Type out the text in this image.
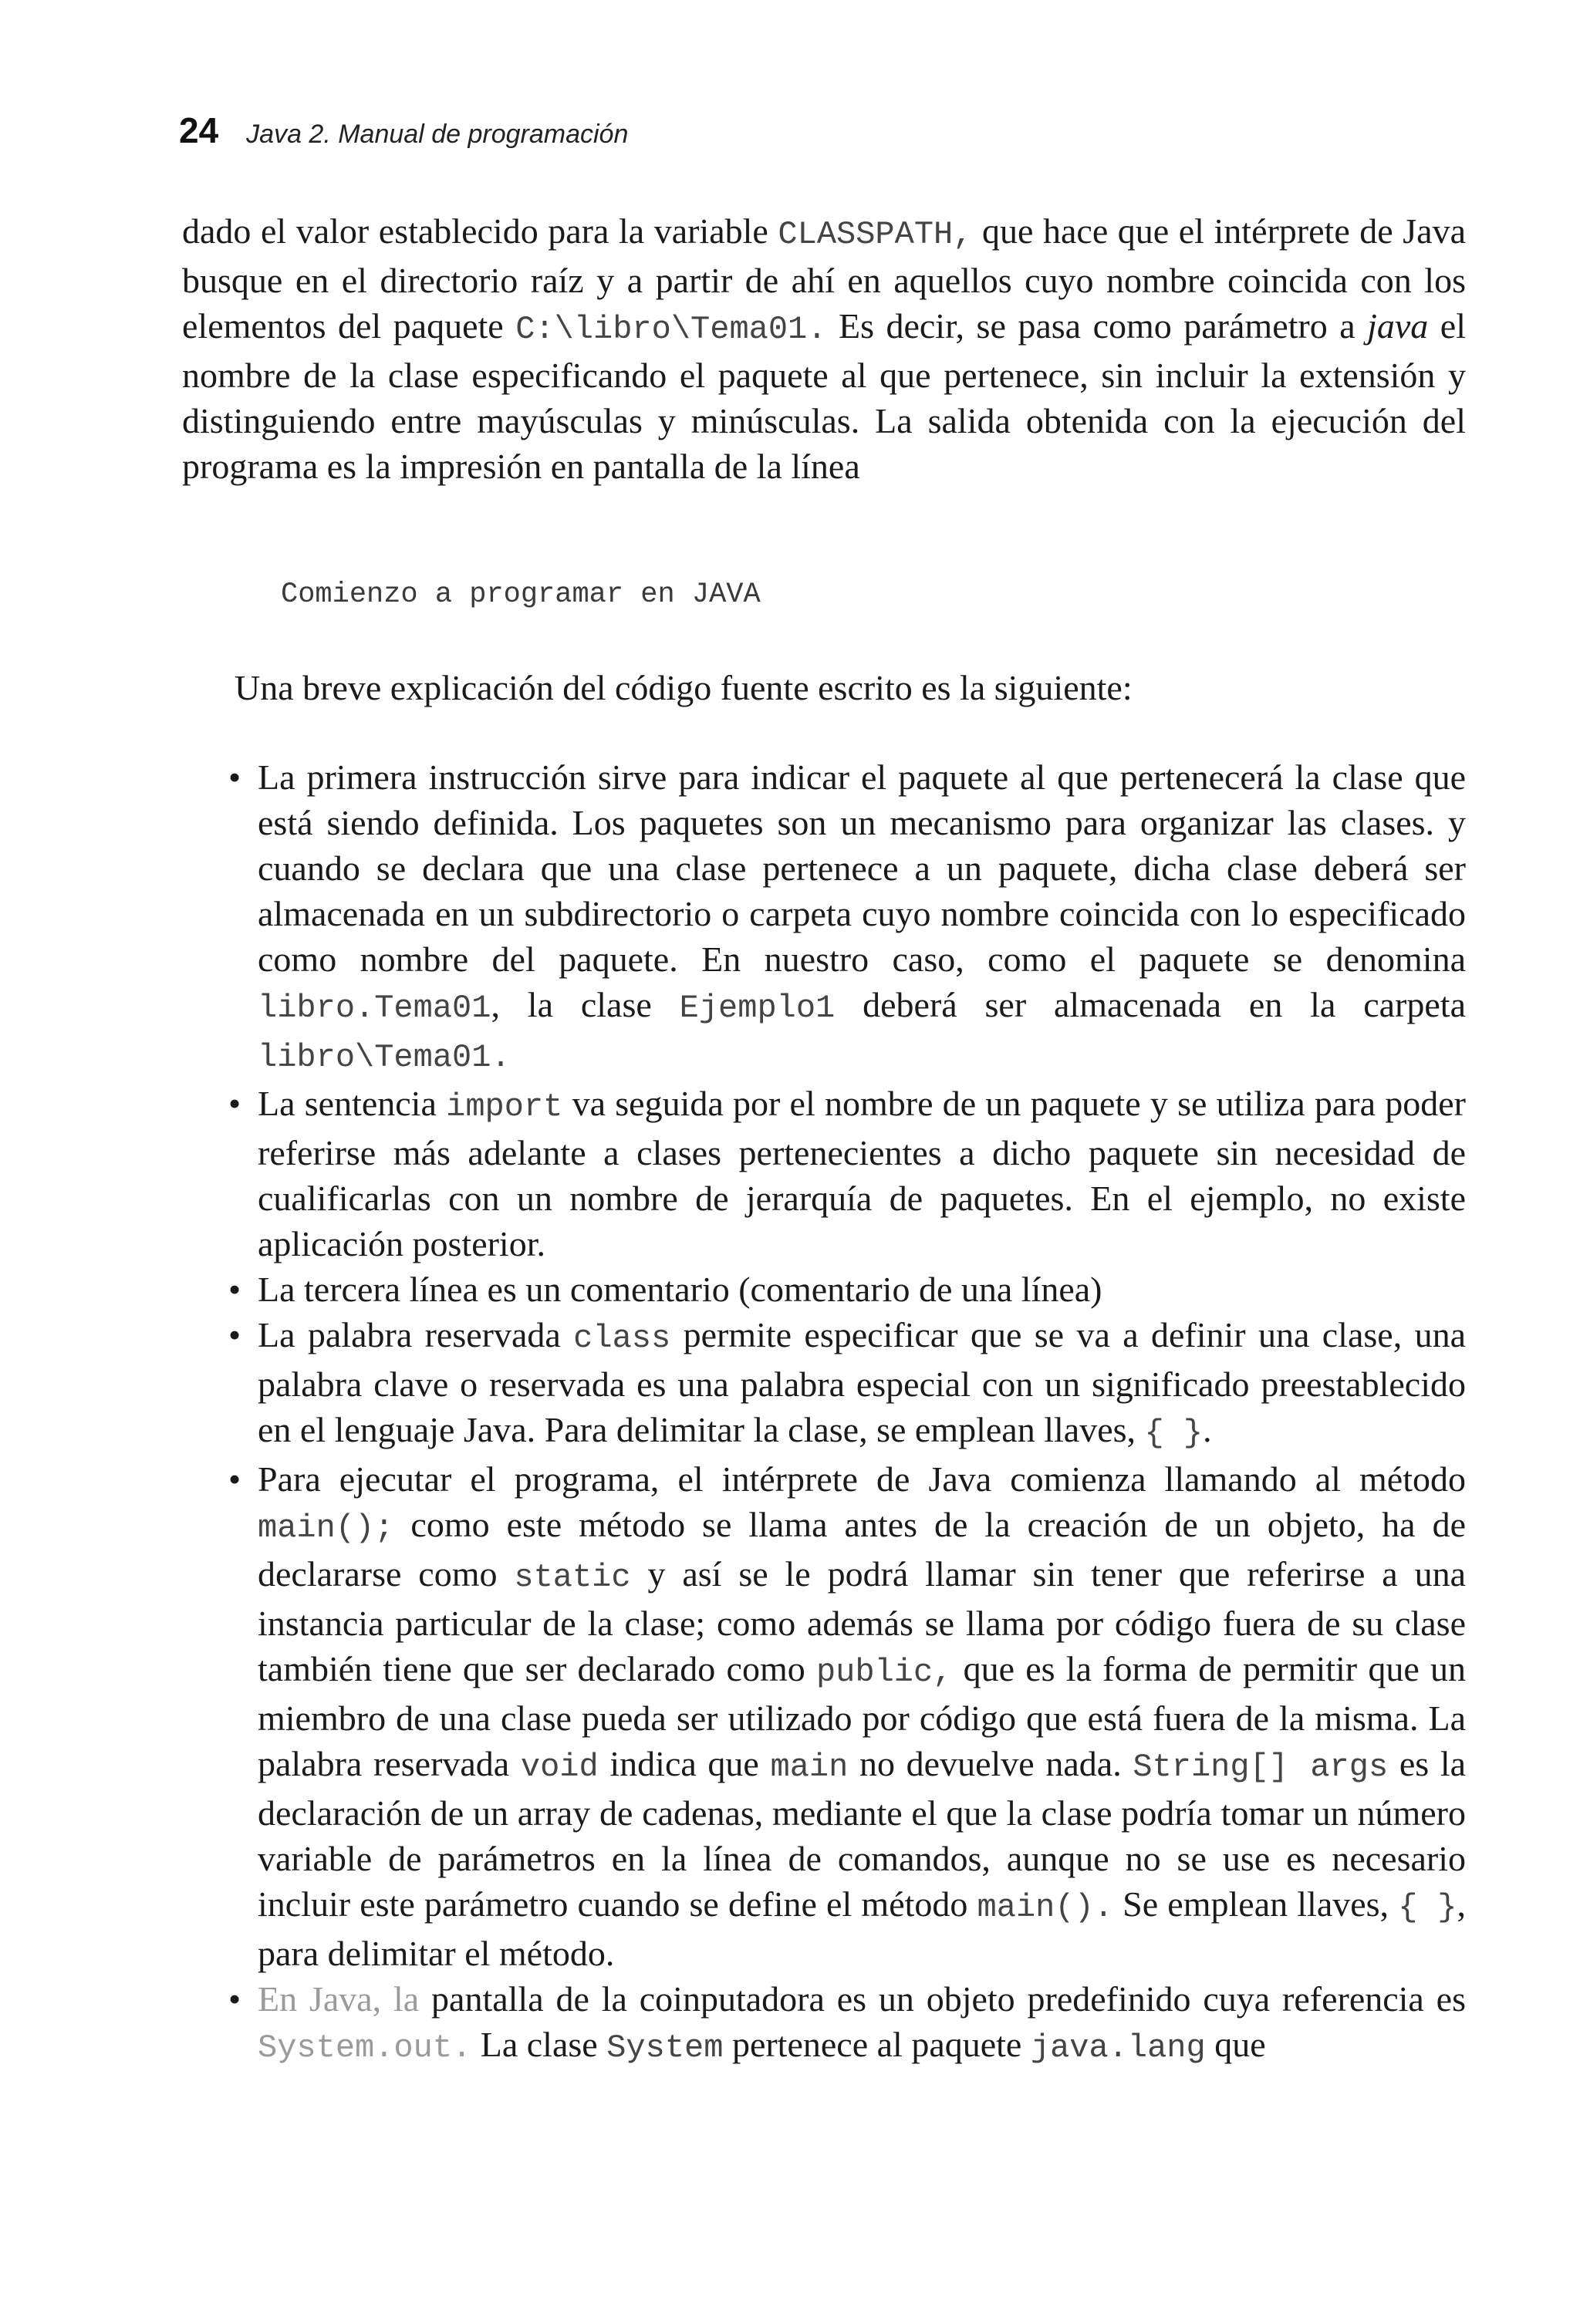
24 Java 2. Manual de programación

dado el valor establecido para la variable CLASSPATH, que hace que el intérprete de Java busque en el directorio raíz y a partir de ahí en aquellos cuyo nombre coincida con los elementos del paquete C:\libro\Tema01. Es decir, se pasa como parámetro a java el nombre de la clase especificando el paquete al que pertenece, sin incluir la extensión y distinguiendo entre mayúsculas y minúsculas. La salida obtenida con la ejecución del programa es la impresión en pantalla de la línea

Comienzo a programar en JAVA

Una breve explicación del código fuente escrito es la siguiente:

• La primera instrucción sirve para indicar el paquete al que pertenecerá la clase que está siendo definida. Los paquetes son un mecanismo para organizar las clases. y cuando se declara que una clase pertenece a un paquete, dicha clase deberá ser almacenada en un subdirectorio o carpeta cuyo nombre coincida con lo especificado como nombre del paquete. En nuestro caso, como el paquete se denomina libro.Tema01, la clase Ejemplo1 deberá ser almacenada en la carpeta libro\Tema01.
• La sentencia import va seguida por el nombre de un paquete y se utiliza para poder referirse más adelante a clases pertenecientes a dicho paquete sin necesidad de cualificarlas con un nombre de jerarquía de paquetes. En el ejemplo, no existe aplicación posterior.
• La tercera línea es un comentario (comentario de una línea)
• La palabra reservada class permite especificar que se va a definir una clase, una palabra clave o reservada es una palabra especial con un significado preestablecido en el lenguaje Java. Para delimitar la clase, se emplean llaves, { }.
• Para ejecutar el programa, el intérprete de Java comienza llamando al método main(); como este método se llama antes de la creación de un objeto, ha de declararse como static y así se le podrá llamar sin tener que referirse a una instancia particular de la clase; como además se llama por código fuera de su clase también tiene que ser declarado como public, que es la forma de permitir que un miembro de una clase pueda ser utilizado por código que está fuera de la misma. La palabra reservada void indica que main no devuelve nada. String[] args es la declaración de un array de cadenas, mediante el que la clase podría tomar un número variable de parámetros en la línea de comandos, aunque no se use es necesario incluir este parámetro cuando se define el método main(). Se emplean llaves, { }, para delimitar el método.
• En Java, la pantalla de la coinputadora es un objeto predefinido cuya referencia es System.out. La clase System pertenece al paquete java.lang que
